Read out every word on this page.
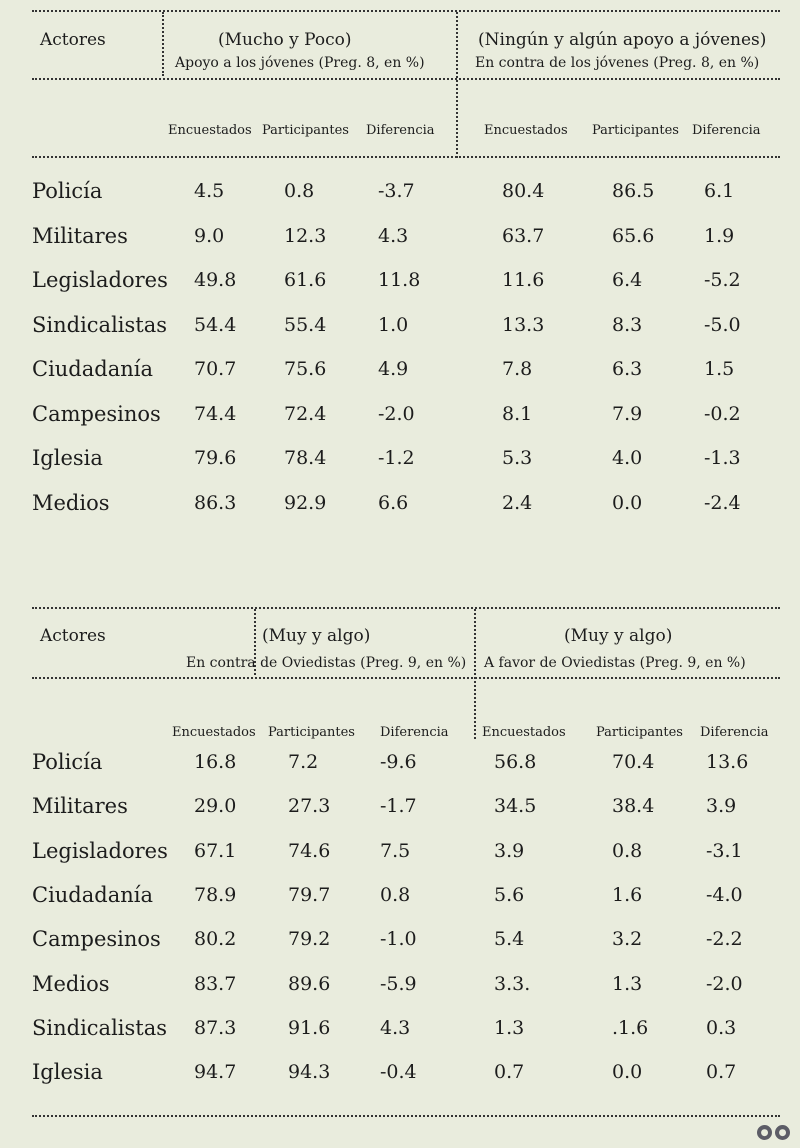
Actores	(Mucho y Poco)
Apoyo a los jóvenes (Preg. 8, en %)
(Ningún y algún apoyo a jóvenes)
En contra de los jóvenes (Preg. 8, en %)
Encuestados Participantes Diferencia	Encuestados Participantes Diferencia
Policía	4.5	0.8	-3.7	80.4	86.5	6.1
Militares	9.0	12.3	4.3	63.7	65.6	1.9
Legisladores 49.8	61.6	11.8	11.6	6.4	-5.2
Sindicalistas 54.4	55.4	1.0	13.3	8.3	-5.0
Ciudadanía 70.7	75.6	4.9	7.8	6.3	1.5
Campesinos 74.4	72.4	-2.0	8.1	7.9	-0.2
Iglesia	79.6	78.4	-1.2	5.3	4.0	-1.3
Medios	86.3	92.9	6.6	2.4	0.0	-2.4
Actores	(Muy y algo)
En contra de Oviedistas (Preg. 9, en %)
(Muy y algo)
A favor de Oviedistas (Preg. 9, en %)
Encuestados Participantes Diferencia	Encuestados Participantes Diferencia
Policía	16.8	7.2	-9.6	56.8	70.4	13.6
Militares	29.0	27.3	-1.7	34.5	38.4	3.9
Legisladores 67.1	74.6	7.5	3.9	0.8	-3.1
Ciudadanía 78.9	79.7	0.8	5.6	1.6	-4.0
Campesinos 80.2	79.2	-1.0	5.4	3.2	-2.2
Medios	83.7	89.6	-5.9	3.3.	1.3	-2.0
Sindicalistas 87.3	91.6	4.3	1.3	.1.6	0.3
Iglesia	94.7	94.3	-0.4	0.7	0.0	0.7
●	●
